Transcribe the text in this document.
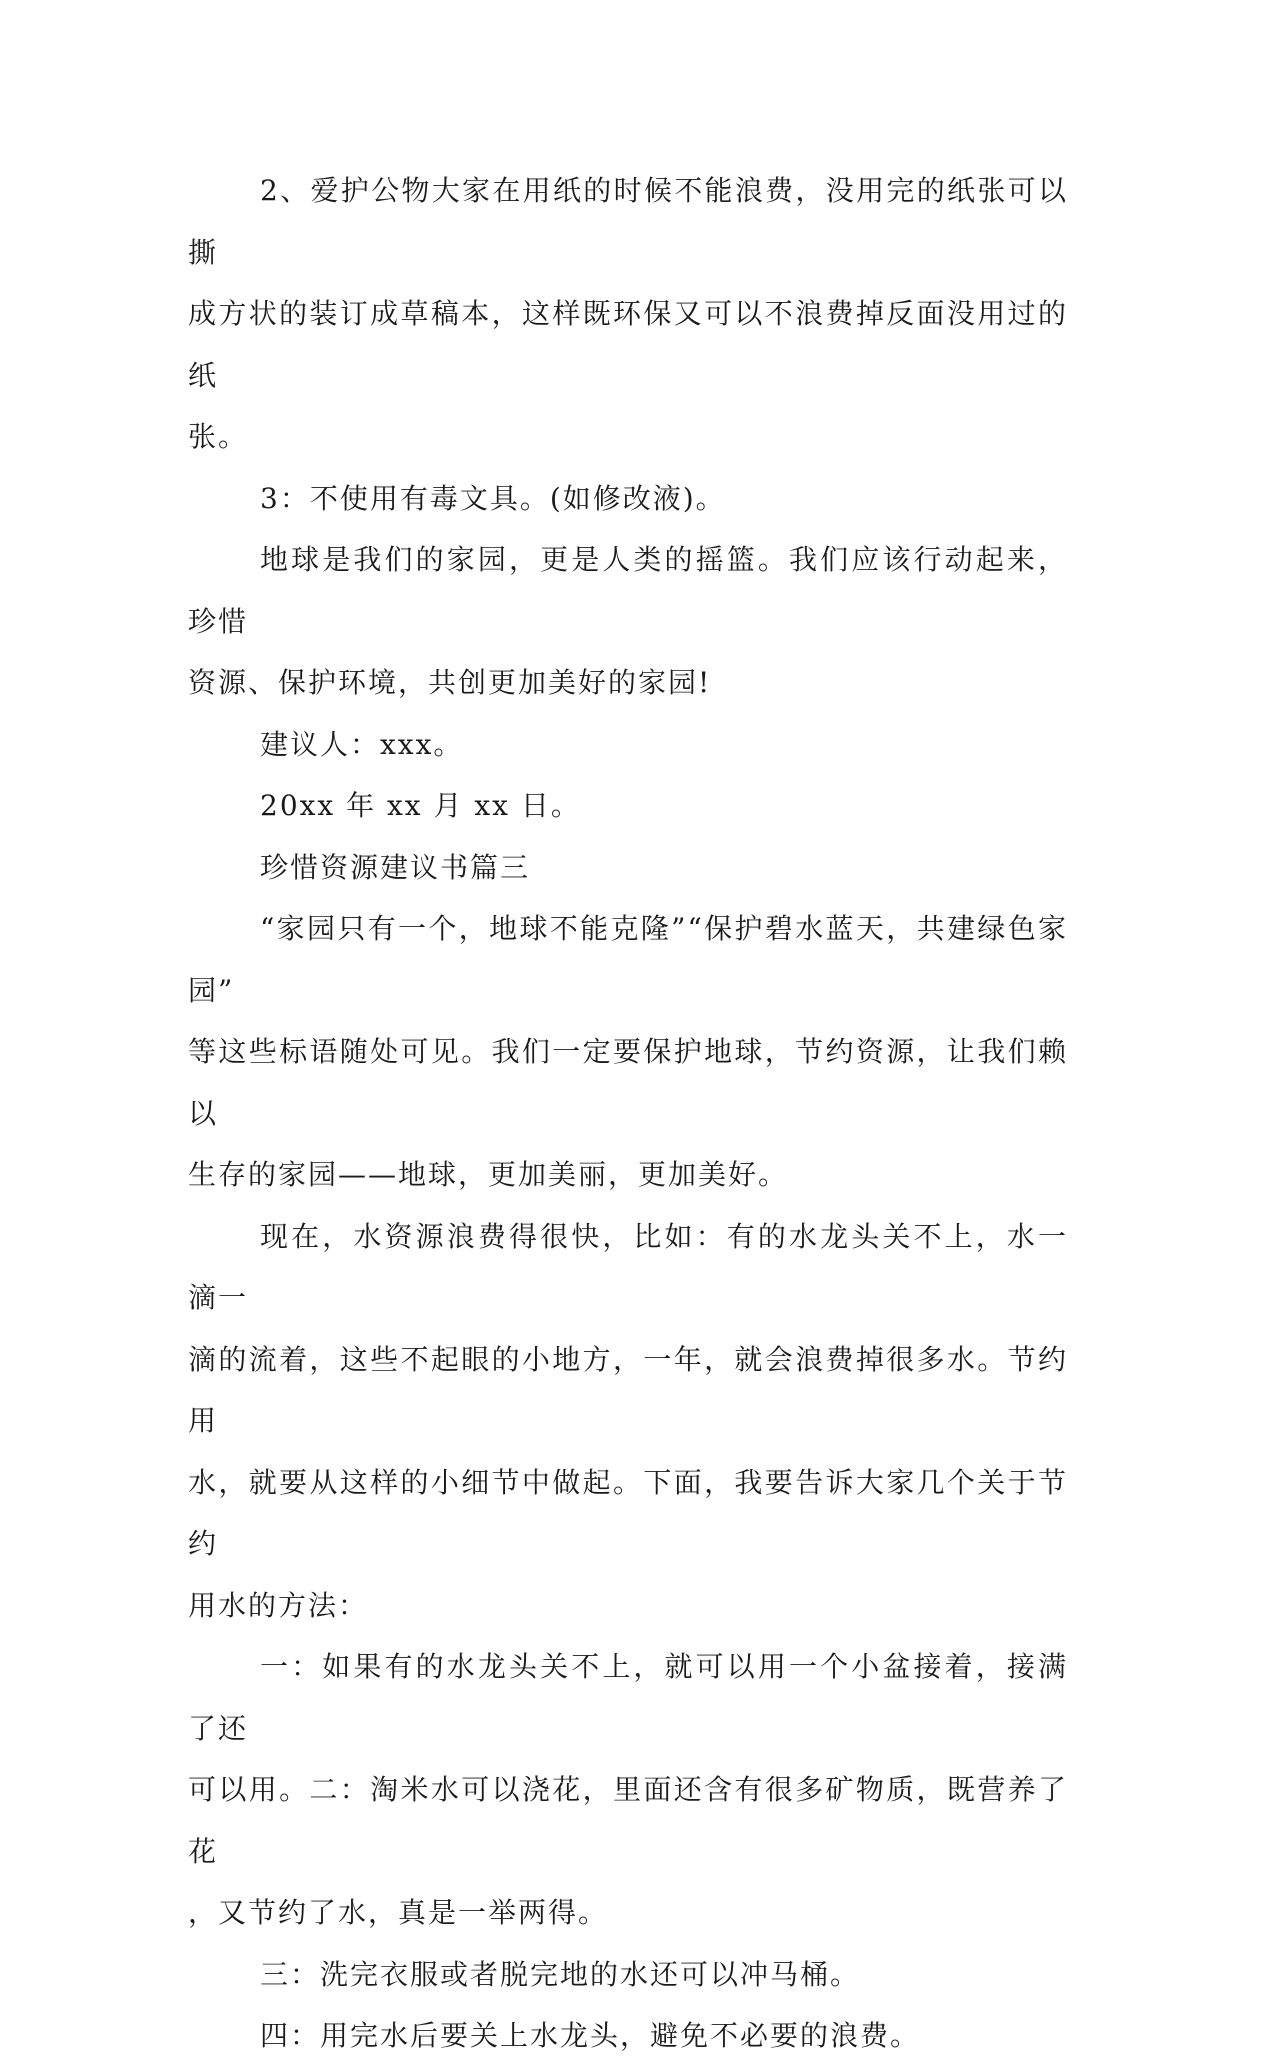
2、爱护公物大家在用纸的时候不能浪费，没用完的纸张可以撕
成方状的装订成草稿本，这样既环保又可以不浪费掉反面没用过的纸
张。

3：不使用有毒文具。(如修改液)。

地球是我们的家园，更是人类的摇篮。我们应该行动起来，珍惜
资源、保护环境，共创更加美好的家园!

建议人：xxx。

20xx 年 xx 月 xx 日。

珍惜资源建议书篇三

“家园只有一个，地球不能克隆”“保护碧水蓝天，共建绿色家园”
等这些标语随处可见。我们一定要保护地球，节约资源，让我们赖以
生存的家园——地球，更加美丽，更加美好。

现在，水资源浪费得很快，比如：有的水龙头关不上，水一滴一
滴的流着，这些不起眼的小地方，一年，就会浪费掉很多水。节约用
水，就要从这样的小细节中做起。下面，我要告诉大家几个关于节约
用水的方法：

一：如果有的水龙头关不上，就可以用一个小盆接着，接满了还
可以用。二：淘米水可以浇花，里面还含有很多矿物质，既营养了花
，又节约了水，真是一举两得。

三：洗完衣服或者脱完地的水还可以冲马桶。

四：用完水后要关上水龙头，避免不必要的浪费。
